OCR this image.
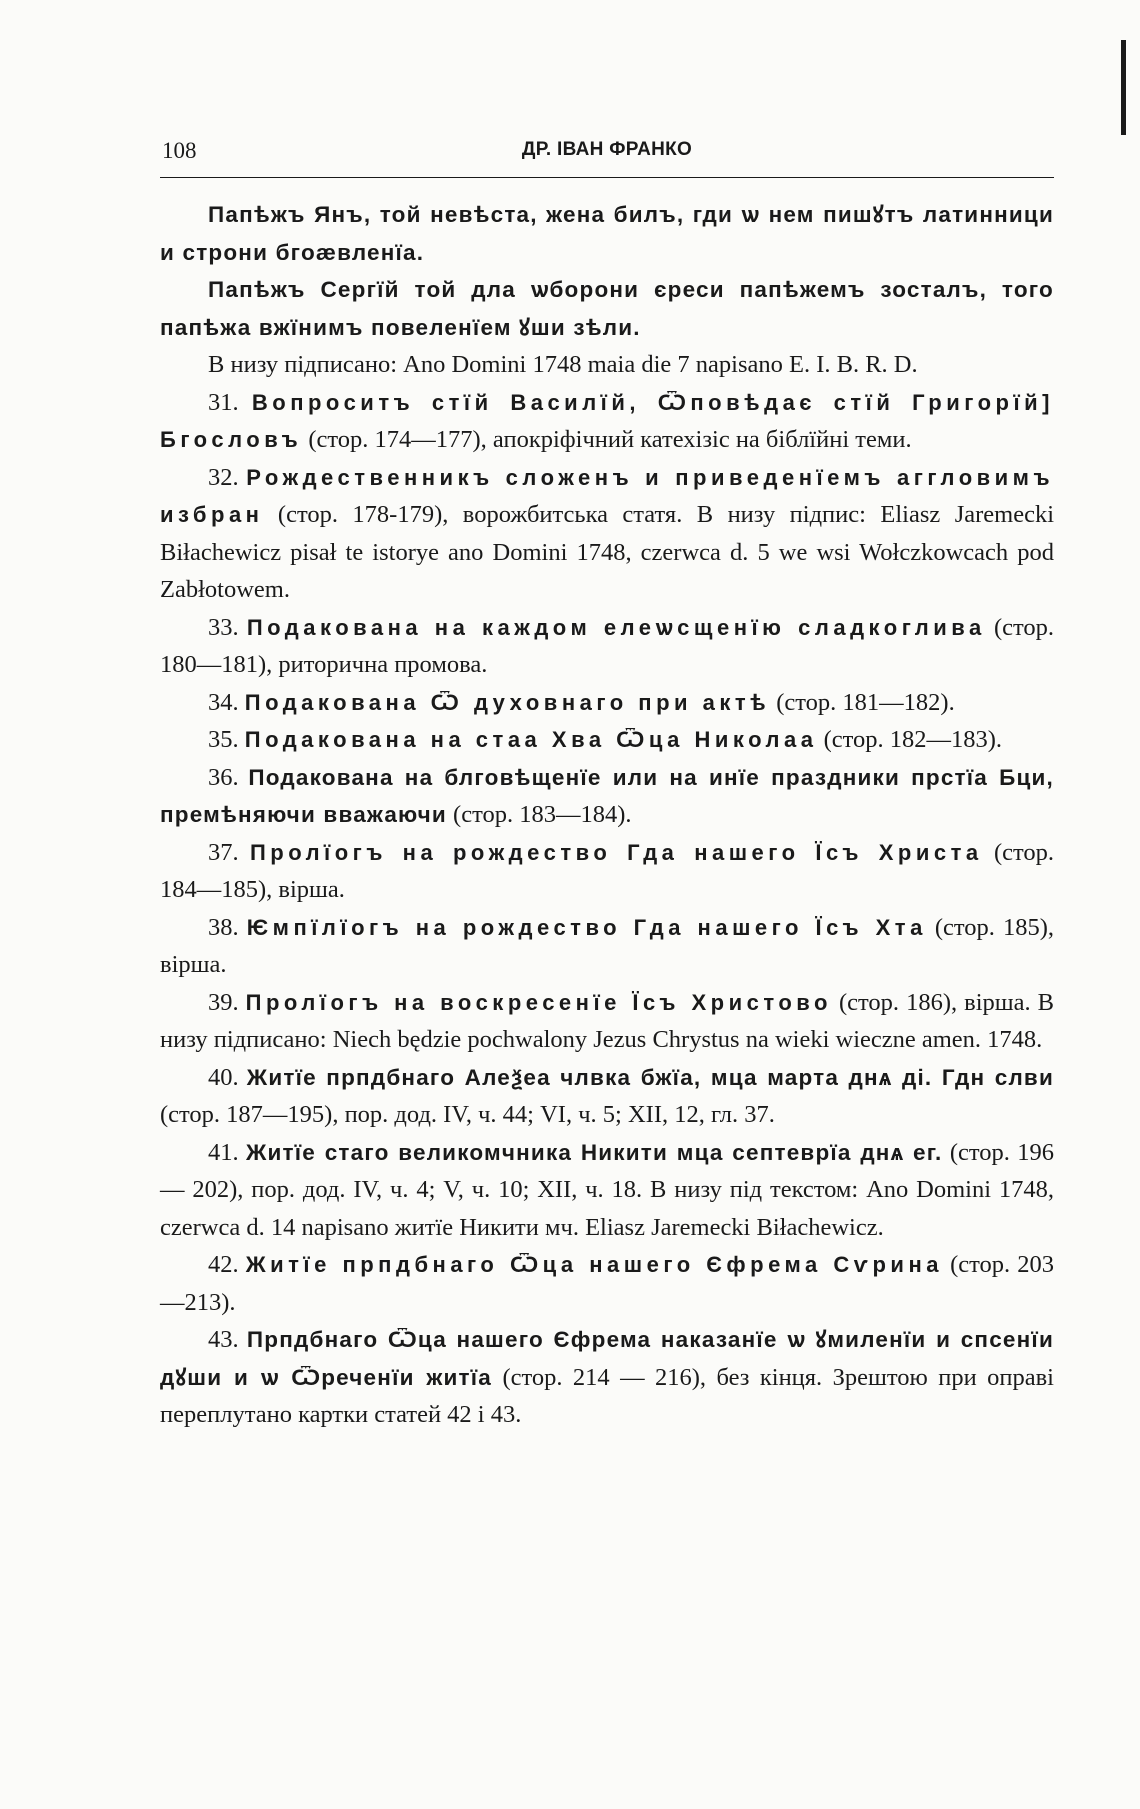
108	ДР. ІВАН ФРАНКО

Папѣжъ Янъ, той невѣста, жена билъ, гди ѡ нем пишꙋтъ латинници и строни бгоӕвленїа.

Папѣжъ Сергїй той дла ѡборони єреси папѣжемъ зосталъ, того папѣжа вжїнимъ повеленїем ꙋши зѣли.

В низу підписано: Ano Domini 1748 maia die 7 napisano E. I. B. R. D.

31. Вопроситъ стїй Василїй, Ѿповѣдає стїй Григорїй] Бгословъ (стор. 174—177), апокріфічний катехізіс на біблїйні теми.

32. Рождественникъ сложенъ и приведенїемъ аггловимъ избран (стор. 178-179), ворожбитська статя. В низу підпис: Eliasz Jaremecki Biłachewicz pisał te istorye ano Domini 1748, czerwca d. 5 we wsi Wołczkowcach pod Zabłotowem.

33. Подакована на каждом елеѡсщенїю сладкоглива (стор. 180—181), риторична промова.

34. Подакована Ѿ духовнаго при актѣ (стор. 181—182).

35. Подакована на стаа Хва Ѿца Николаа (стор. 182—183).

36. Подакована на блговѣщенїе или на инїе праздники прстїа Бци, премѣняючи вважаючи (стор. 183—184).

37. Пролїогъ на рождество Гда нашего Їсъ Христа (стор. 184—185), вірша.

38. Ѥмпїлїогъ на рождество Гда нашего Їсъ Хта (стор. 185), вірша.

39. Пролїогъ на воскресенїе Їсъ Христово (стор. 186), вірша. В низу підписано: Niech będzie pochwalony Jezus Chrystus na wieki wieczne amen. 1748.

40. Житїе прпдбнаго Алеѯеа члвка бжїа, мца марта днѧ ді. Гдн слви (стор. 187—195), пор. дод. IV, ч. 44; VI, ч. 5; XII, 12, гл. 37.

41. Житїе стаго великомчника Никити мца септеврїа днѧ ег. (стор. 196 — 202), пор. дод. IV, ч. 4; V, ч. 10; XII, ч. 18. В низу під текстом: Ano Domini 1748, czerwca d. 14 napisano житїе Никити мч. Eliasz Jaremecki Biłachewicz.

42. Житїе прпдбнаго Ѿца нашего Єфрема Сѵрина (стор. 203—213).

43. Прпдбнаго Ѿца нашего Єфрема наказанїе ѡ ꙋмиленїи и спсенїи дꙋши и ѡ Ѿреченїи житїа (стор. 214 — 216), без кінця. Зрештою при оправі переплутано картки статей 42 і 43.
